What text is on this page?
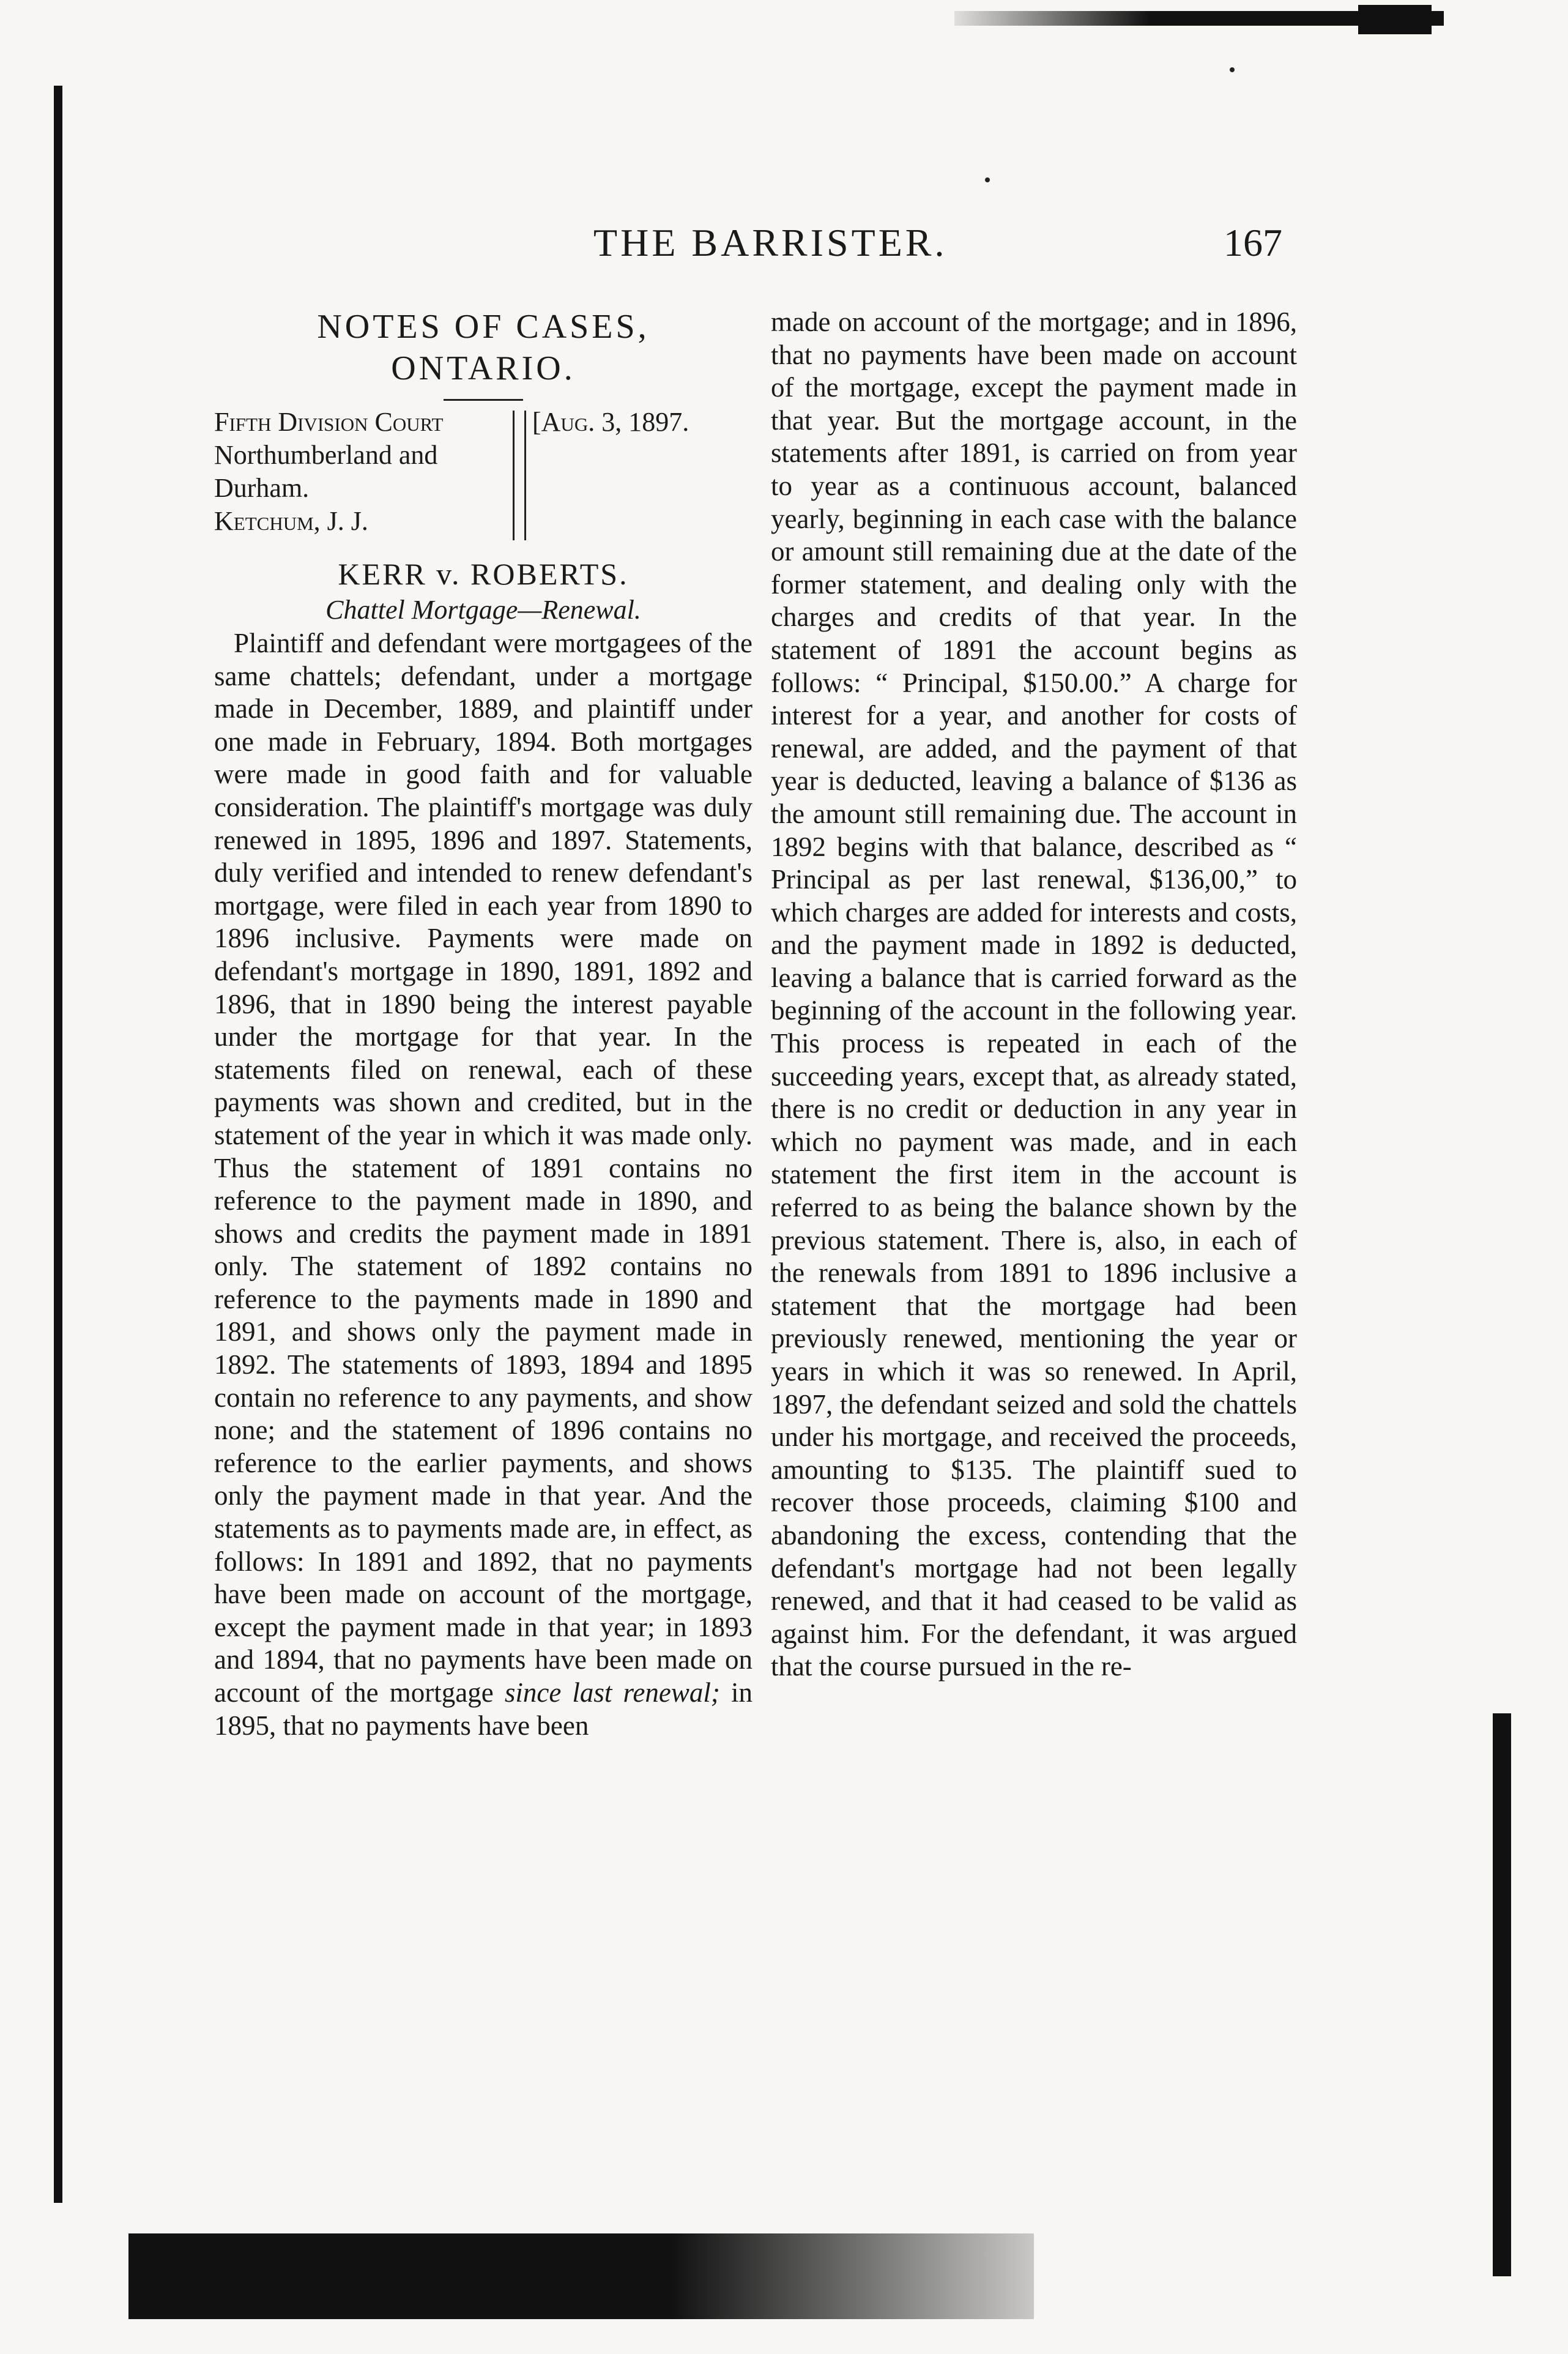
THE BARRISTER.	167

NOTES OF CASES,

ONTARIO.

Fifth Division Court
Northumberland and
Durham.
Ketchum, J. J.
[Aug. 3, 1897.

KERR v. ROBERTS.

Chattel Mortgage—Renewal.

Plaintiff and defendant were mortgagees of the same chattels; defendant, under a mortgage made in December, 1889, and plaintiff under one made in February, 1894. Both mortgages were made in good faith and for valuable consideration. The plaintiff's mortgage was duly renewed in 1895, 1896 and 1897. Statements, duly verified and intended to renew defendant's mortgage, were filed in each year from 1890 to 1896 inclusive. Payments were made on defendant's mortgage in 1890, 1891, 1892 and 1896, that in 1890 being the interest payable under the mortgage for that year. In the statements filed on renewal, each of these payments was shown and credited, but in the statement of the year in which it was made only. Thus the statement of 1891 contains no reference to the payment made in 1890, and shows and credits the payment made in 1891 only. The statement of 1892 contains no reference to the payments made in 1890 and 1891, and shows only the payment made in 1892. The statements of 1893, 1894 and 1895 contain no reference to any payments, and show none; and the statement of 1896 contains no reference to the earlier payments, and shows only the payment made in that year. And the statements as to payments made are, in effect, as follows: In 1891 and 1892, that no payments have been made on account of the mortgage, except the payment made in that year; in 1893 and 1894, that no payments have been made on account of the mortgage since last renewal; in 1895, that no payments have been

made on account of the mortgage; and in 1896, that no payments have been made on account of the mortgage, except the payment made in that year. But the mortgage account, in the statements after 1891, is carried on from year to year as a continuous account, balanced yearly, beginning in each case with the balance or amount still remaining due at the date of the former statement, and dealing only with the charges and credits of that year. In the statement of 1891 the account begins as follows: “ Principal, $150.00.” A charge for interest for a year, and another for costs of renewal, are added, and the payment of that year is deducted, leaving a balance of $136 as the amount still remaining due. The account in 1892 begins with that balance, described as “ Principal as per last renewal, $136,00,” to which charges are added for interests and costs, and the payment made in 1892 is deducted, leaving a balance that is carried forward as the beginning of the account in the following year. This process is repeated in each of the succeeding years, except that, as already stated, there is no credit or deduction in any year in which no payment was made, and in each statement the first item in the account is referred to as being the balance shown by the previous statement. There is, also, in each of the renewals from 1891 to 1896 inclusive a statement that the mortgage had been previously renewed, mentioning the year or years in which it was so renewed. In April, 1897, the defendant seized and sold the chattels under his mortgage, and received the proceeds, amounting to $135. The plaintiff sued to recover those proceeds, claiming $100 and abandoning the excess, contending that the defendant's mortgage had not been legally renewed, and that it had ceased to be valid as against him. For the defendant, it was argued that the course pursued in the re-
